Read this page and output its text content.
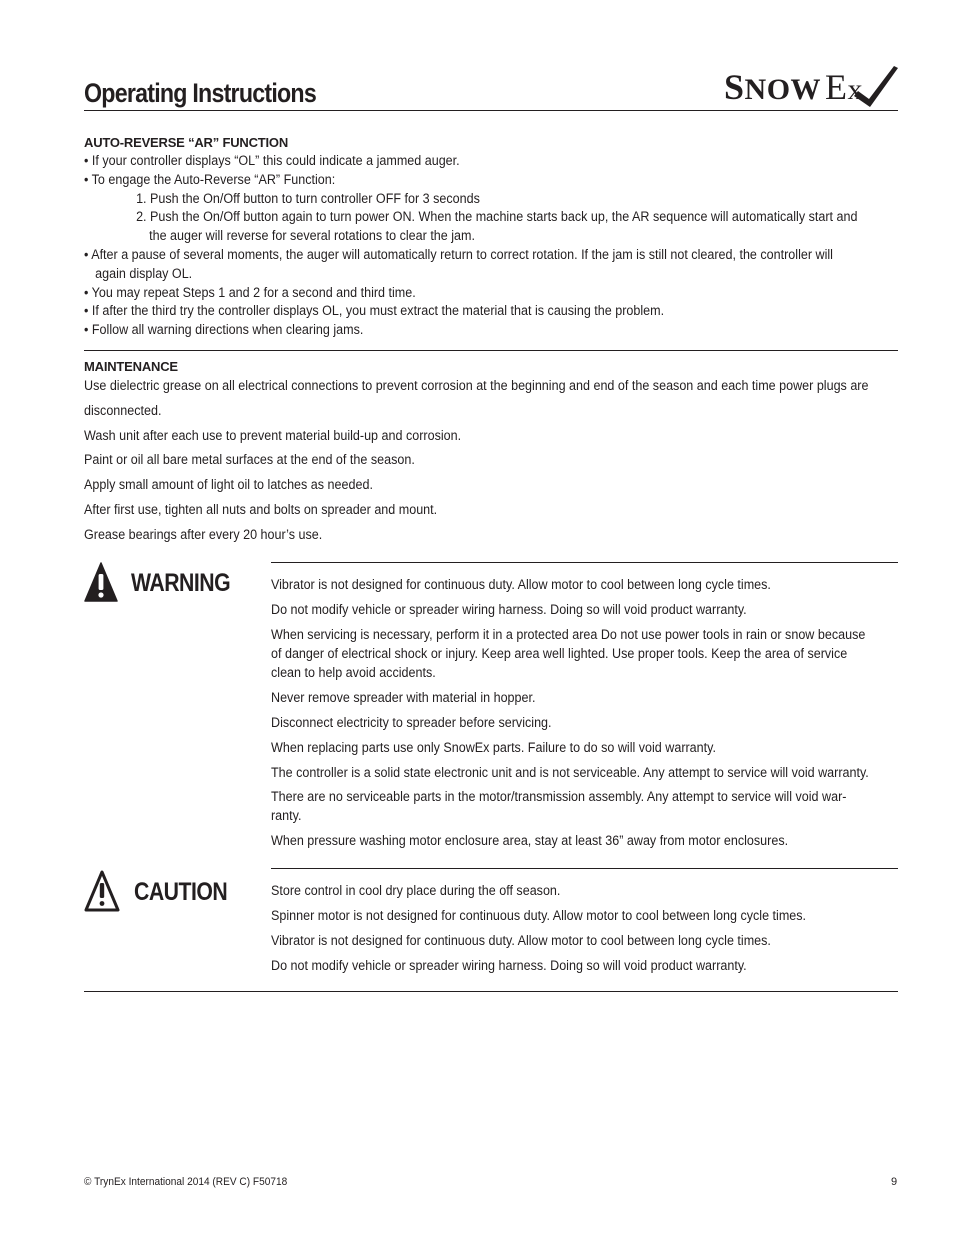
Operating Instructions	SNOW Ex
AUTO-REVERSE “AR” FUNCTION
• If your controller displays “OL” this could indicate a jammed auger.
• To engage the Auto-Reverse “AR” Function:
1. Push the On/Off button to turn controller OFF for 3 seconds
2. Push the On/Off button again to turn power ON. When the machine starts back up, the AR sequence will automatically start and
the auger will reverse for several rotations to clear the jam.
• After a pause of several moments, the auger will automatically return to correct rotation. If the jam is still not cleared, the controller will
again display OL.
• You may repeat Steps 1 and 2 for a second and third time.
• If after the third try the controller displays OL, you must extract the material that is causing the problem.
• Follow all warning directions when clearing jams.
MAINTENANCE
Use dielectric grease on all electrical connections to prevent corrosion at the beginning and end of the season and each time power plugs are
disconnected.
Wash unit after each use to prevent material build-up and corrosion.
Paint or oil all bare metal surfaces at the end of the season.
Apply small amount of light oil to latches as needed.
After first use, tighten all nuts and bolts on spreader and mount.
Grease bearings after every 20 hour’s use.
WARNING	Vibrator is not designed for continuous duty. Allow motor to cool between long cycle times.
Do not modify vehicle or spreader wiring harness. Doing so will void product warranty.
When servicing is necessary, perform it in a protected area Do not use power tools in rain or snow because
of danger of electrical shock or injury. Keep area well lighted. Use proper tools. Keep the area of service
clean to help avoid accidents.
Never remove spreader with material in hopper.
Disconnect electricity to spreader before servicing.
When replacing parts use only SnowEx parts. Failure to do so will void warranty.
The controller is a solid state electronic unit and is not serviceable. Any attempt to service will void warranty.
There are no serviceable parts in the motor/transmission assembly. Any attempt to service will void war-
ranty.
When pressure washing motor enclosure area, stay at least 36” away from motor enclosures.
CAUTION	Store control in cool dry place during the off season.
Spinner motor is not designed for continuous duty. Allow motor to cool between long cycle times.
Vibrator is not designed for continuous duty. Allow motor to cool between long cycle times.
Do not modify vehicle or spreader wiring harness. Doing so will void product warranty.
© TrynEx International 2014 (REV C) F50718	9
